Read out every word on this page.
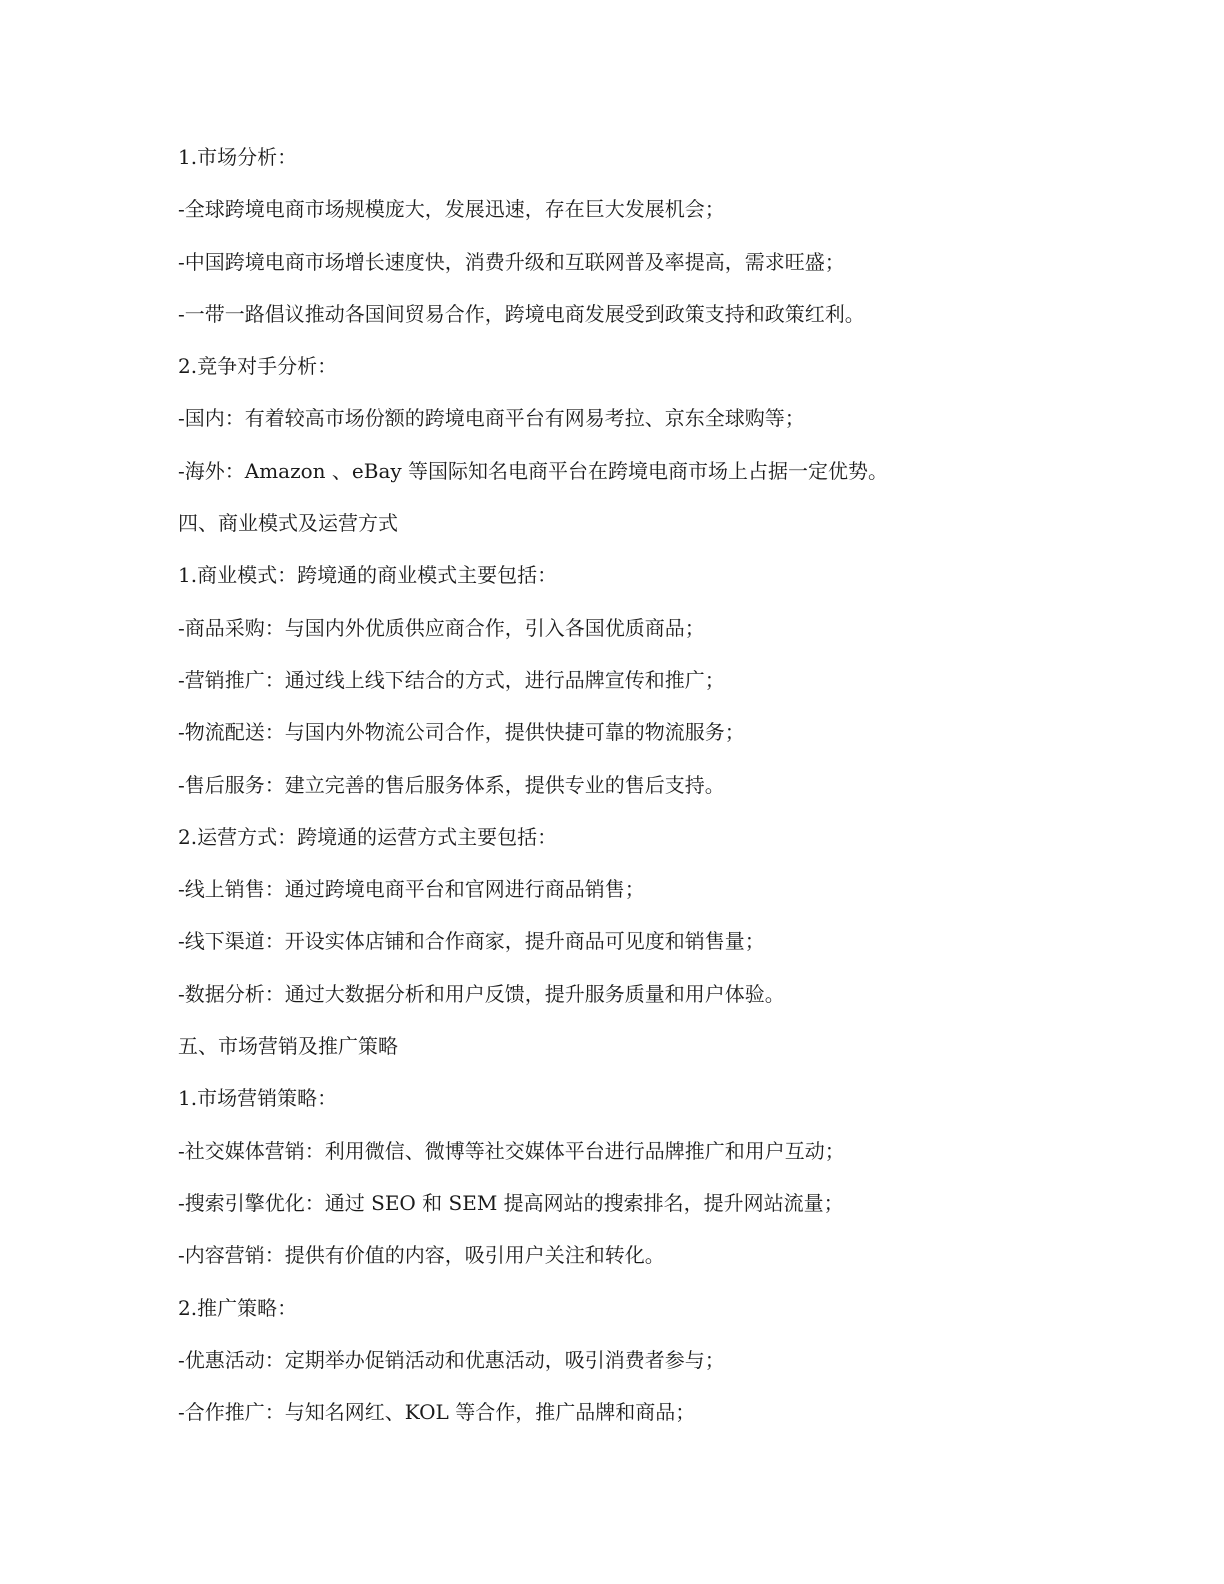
1.市场分析：

-全球跨境电商市场规模庞大，发展迅速，存在巨大发展机会；

-中国跨境电商市场增长速度快，消费升级和互联网普及率提高，需求旺盛；

-一带一路倡议推动各国间贸易合作，跨境电商发展受到政策支持和政策红利。

2.竞争对手分析：

-国内：有着较高市场份额的跨境电商平台有网易考拉、京东全球购等；

-海外：Amazon 、eBay 等国际知名电商平台在跨境电商市场上占据一定优势。

四、商业模式及运营方式

1.商业模式：跨境通的商业模式主要包括：

-商品采购：与国内外优质供应商合作，引入各国优质商品；

-营销推广：通过线上线下结合的方式，进行品牌宣传和推广；

-物流配送：与国内外物流公司合作，提供快捷可靠的物流服务；

-售后服务：建立完善的售后服务体系，提供专业的售后支持。

2.运营方式：跨境通的运营方式主要包括：

-线上销售：通过跨境电商平台和官网进行商品销售；

-线下渠道：开设实体店铺和合作商家，提升商品可见度和销售量；

-数据分析：通过大数据分析和用户反馈，提升服务质量和用户体验。

五、市场营销及推广策略

1.市场营销策略：

-社交媒体营销：利用微信、微博等社交媒体平台进行品牌推广和用户互动；

-搜索引擎优化：通过 SEO 和 SEM 提高网站的搜索排名，提升网站流量；

-内容营销：提供有价值的内容，吸引用户关注和转化。

2.推广策略：

-优惠活动：定期举办促销活动和优惠活动，吸引消费者参与；

-合作推广：与知名网红、KOL 等合作，推广品牌和商品；
